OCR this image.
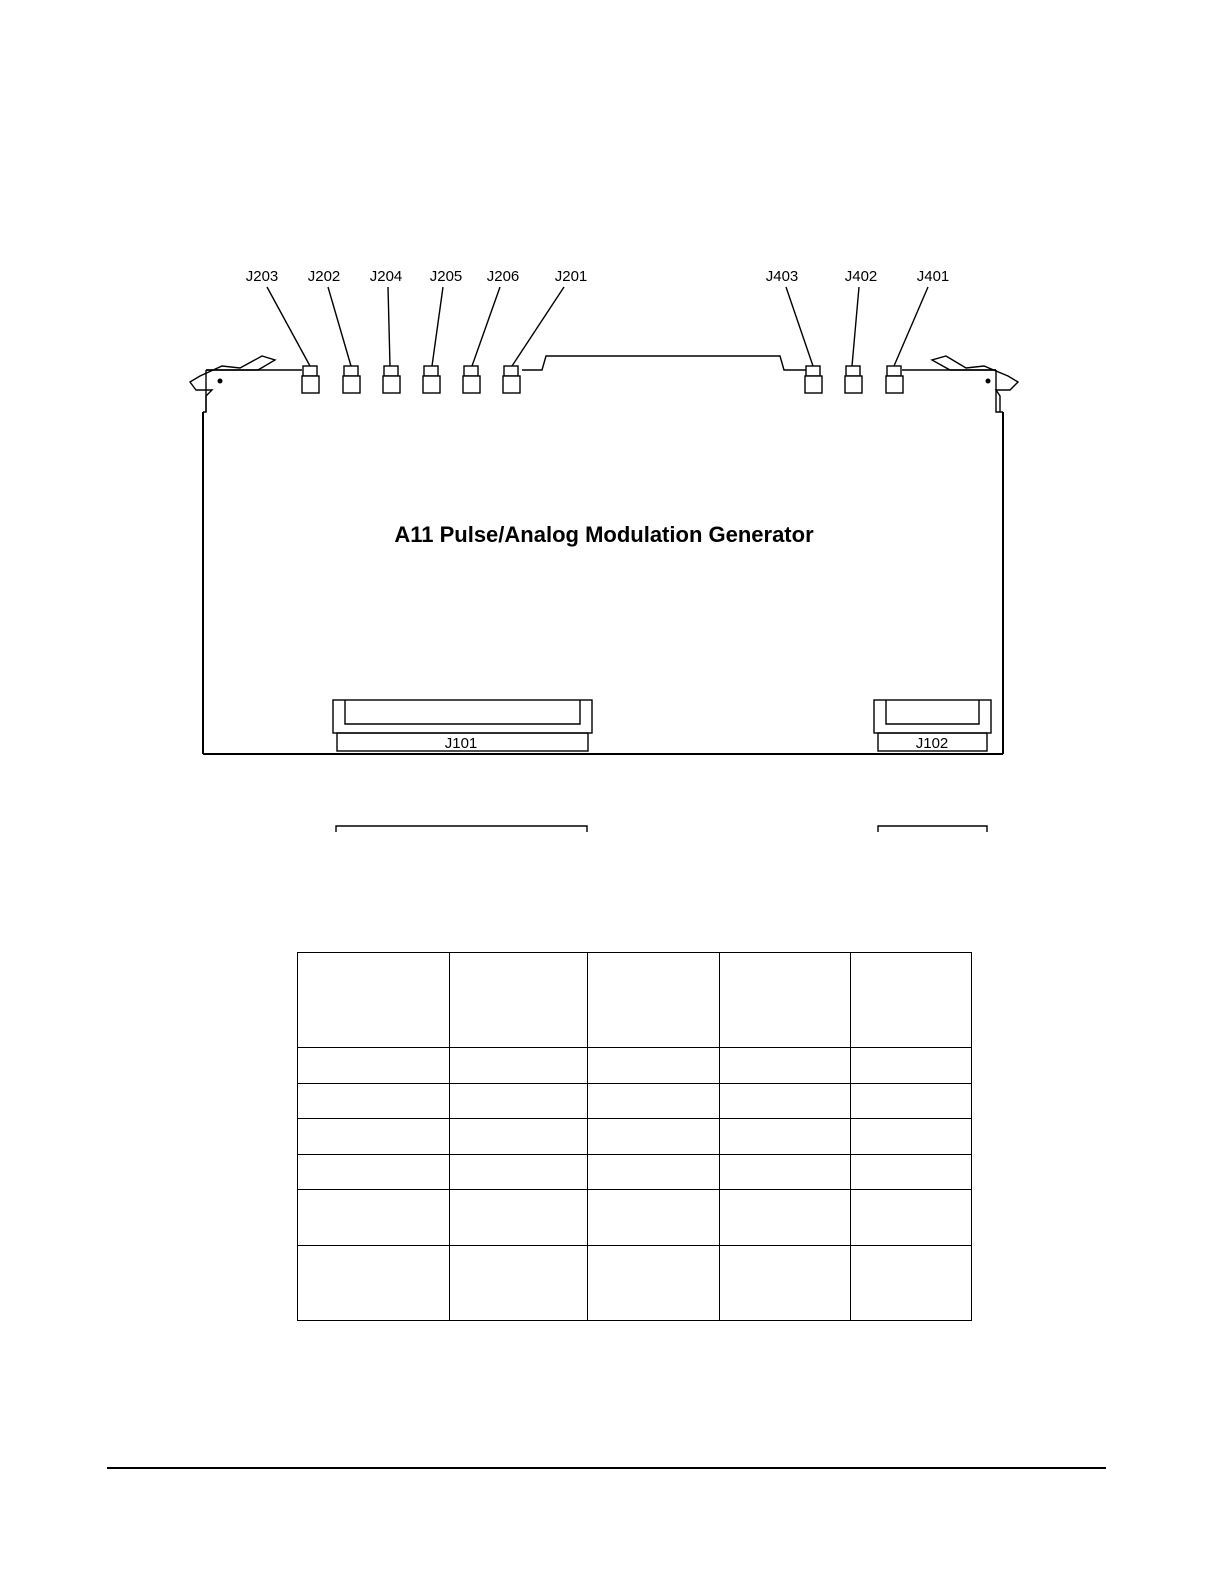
J203 J202 J204 J205 J206 J201	J403	J402	J401
A11 Pulse/Analog Modulation Generator
J101	J102
